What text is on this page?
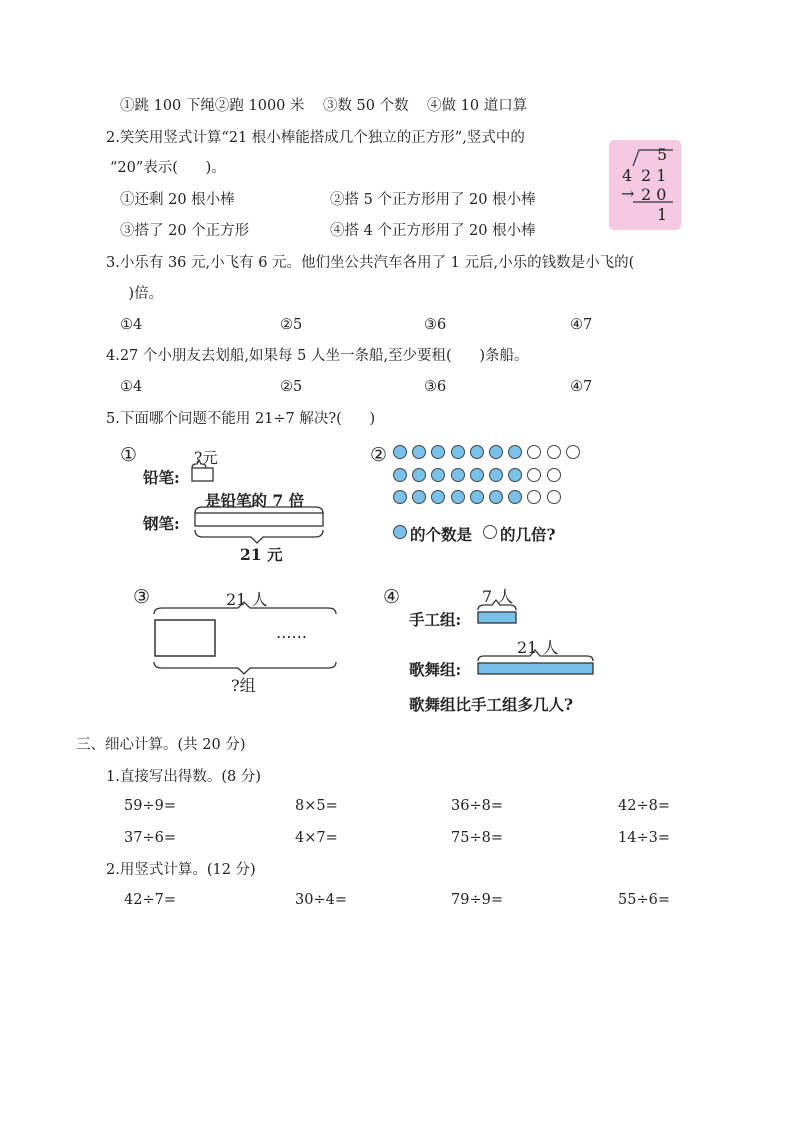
①跳 100 下绳②跑 1000 米    ③数 50 个数    ④做 10 道口算
2.笑笑用竖式计算“21 根小棒能搭成几个独立的正方形”,竖式中的
“20”表示(      )。
①还剩 20 根小棒	②搭 5 个正方形用了 20 根小棒
③搭了 20 个正方形	④搭 4 个正方形用了 20 根小棒
5
4 2 1
→ 2 0
1
3.小乐有 36 元,小飞有 6 元。他们坐公共汽车各用了 1 元后,小乐的钱数是小飞的(
)倍。
①4	②5	③6	④7
4.27 个小朋友去划船,如果每 5 人坐一条船,至少要租(      )条船。
①4	②5	③6	④7
5.下面哪个问题不能用 21÷7 解决?(      )
①	?元
铅笔:
是铅笔的 7 倍
钢笔:
21 元
②
的个数是 的几倍?
③	21 人
……
?组
④	7 人
手工组:
21 人
歌舞组:
歌舞组比手工组多几人?
三、细心计算。(共 20 分)
1.直接写出得数。(8 分)
59÷9=	8×5=	36÷8=	42÷8=
37÷6=	4×7=	75÷8=	14÷3=
2.用竖式计算。(12 分)
42÷7=	30÷4=	79÷9=	55÷6=
